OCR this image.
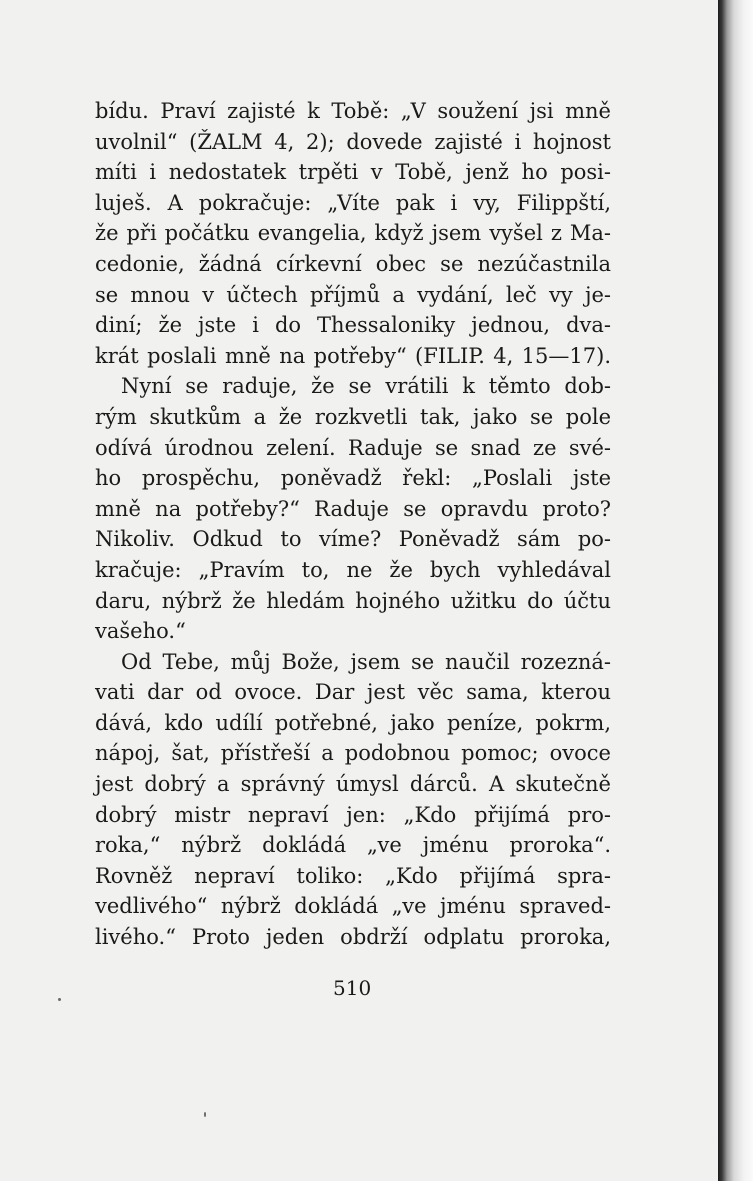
bídu. Praví zajisté k Tobě: „V soužení jsi mně
uvolnil“ (ŽALM 4, 2); dovede zajisté i hojnost
míti i nedostatek trpěti v Tobě, jenž ho posi-
luješ. A pokračuje: „Víte pak i vy, Filippští,
že při počátku evangelia, když jsem vyšel z Ma-
cedonie, žádná církevní obec se nezúčastnila
se mnou v účtech příjmů a vydání, leč vy je-
diní; že jste i do Thessaloniky jednou, dva-
krát poslali mně na potřeby“ (FILIP. 4, 15—17).
Nyní se raduje, že se vrátili k těmto dob-
rým skutkům a že rozkvetli tak, jako se pole
odívá úrodnou zelení. Raduje se snad ze své-
ho prospěchu, poněvadž řekl: „Poslali jste
mně na potřeby?“ Raduje se opravdu proto?
Nikoliv. Odkud to víme? Poněvadž sám po-
kračuje: „Pravím to, ne že bych vyhledával
daru, nýbrž že hledám hojného užitku do účtu
vašeho.“
Od Tebe, můj Bože, jsem se naučil rozezná-
vati dar od ovoce. Dar jest věc sama, kterou
dává, kdo udílí potřebné, jako peníze, pokrm,
nápoj, šat, přístřeší a podobnou pomoc; ovoce
jest dobrý a správný úmysl dárců. A skutečně
dobrý mistr nepraví jen: „Kdo přijímá pro-
roka,“ nýbrž dokládá „ve jménu proroka“.
Rovněž nepraví toliko: „Kdo přijímá spra-
vedlivého“ nýbrž dokládá „ve jménu spraved-
livého.“ Proto jeden obdrží odplatu proroka,
510
